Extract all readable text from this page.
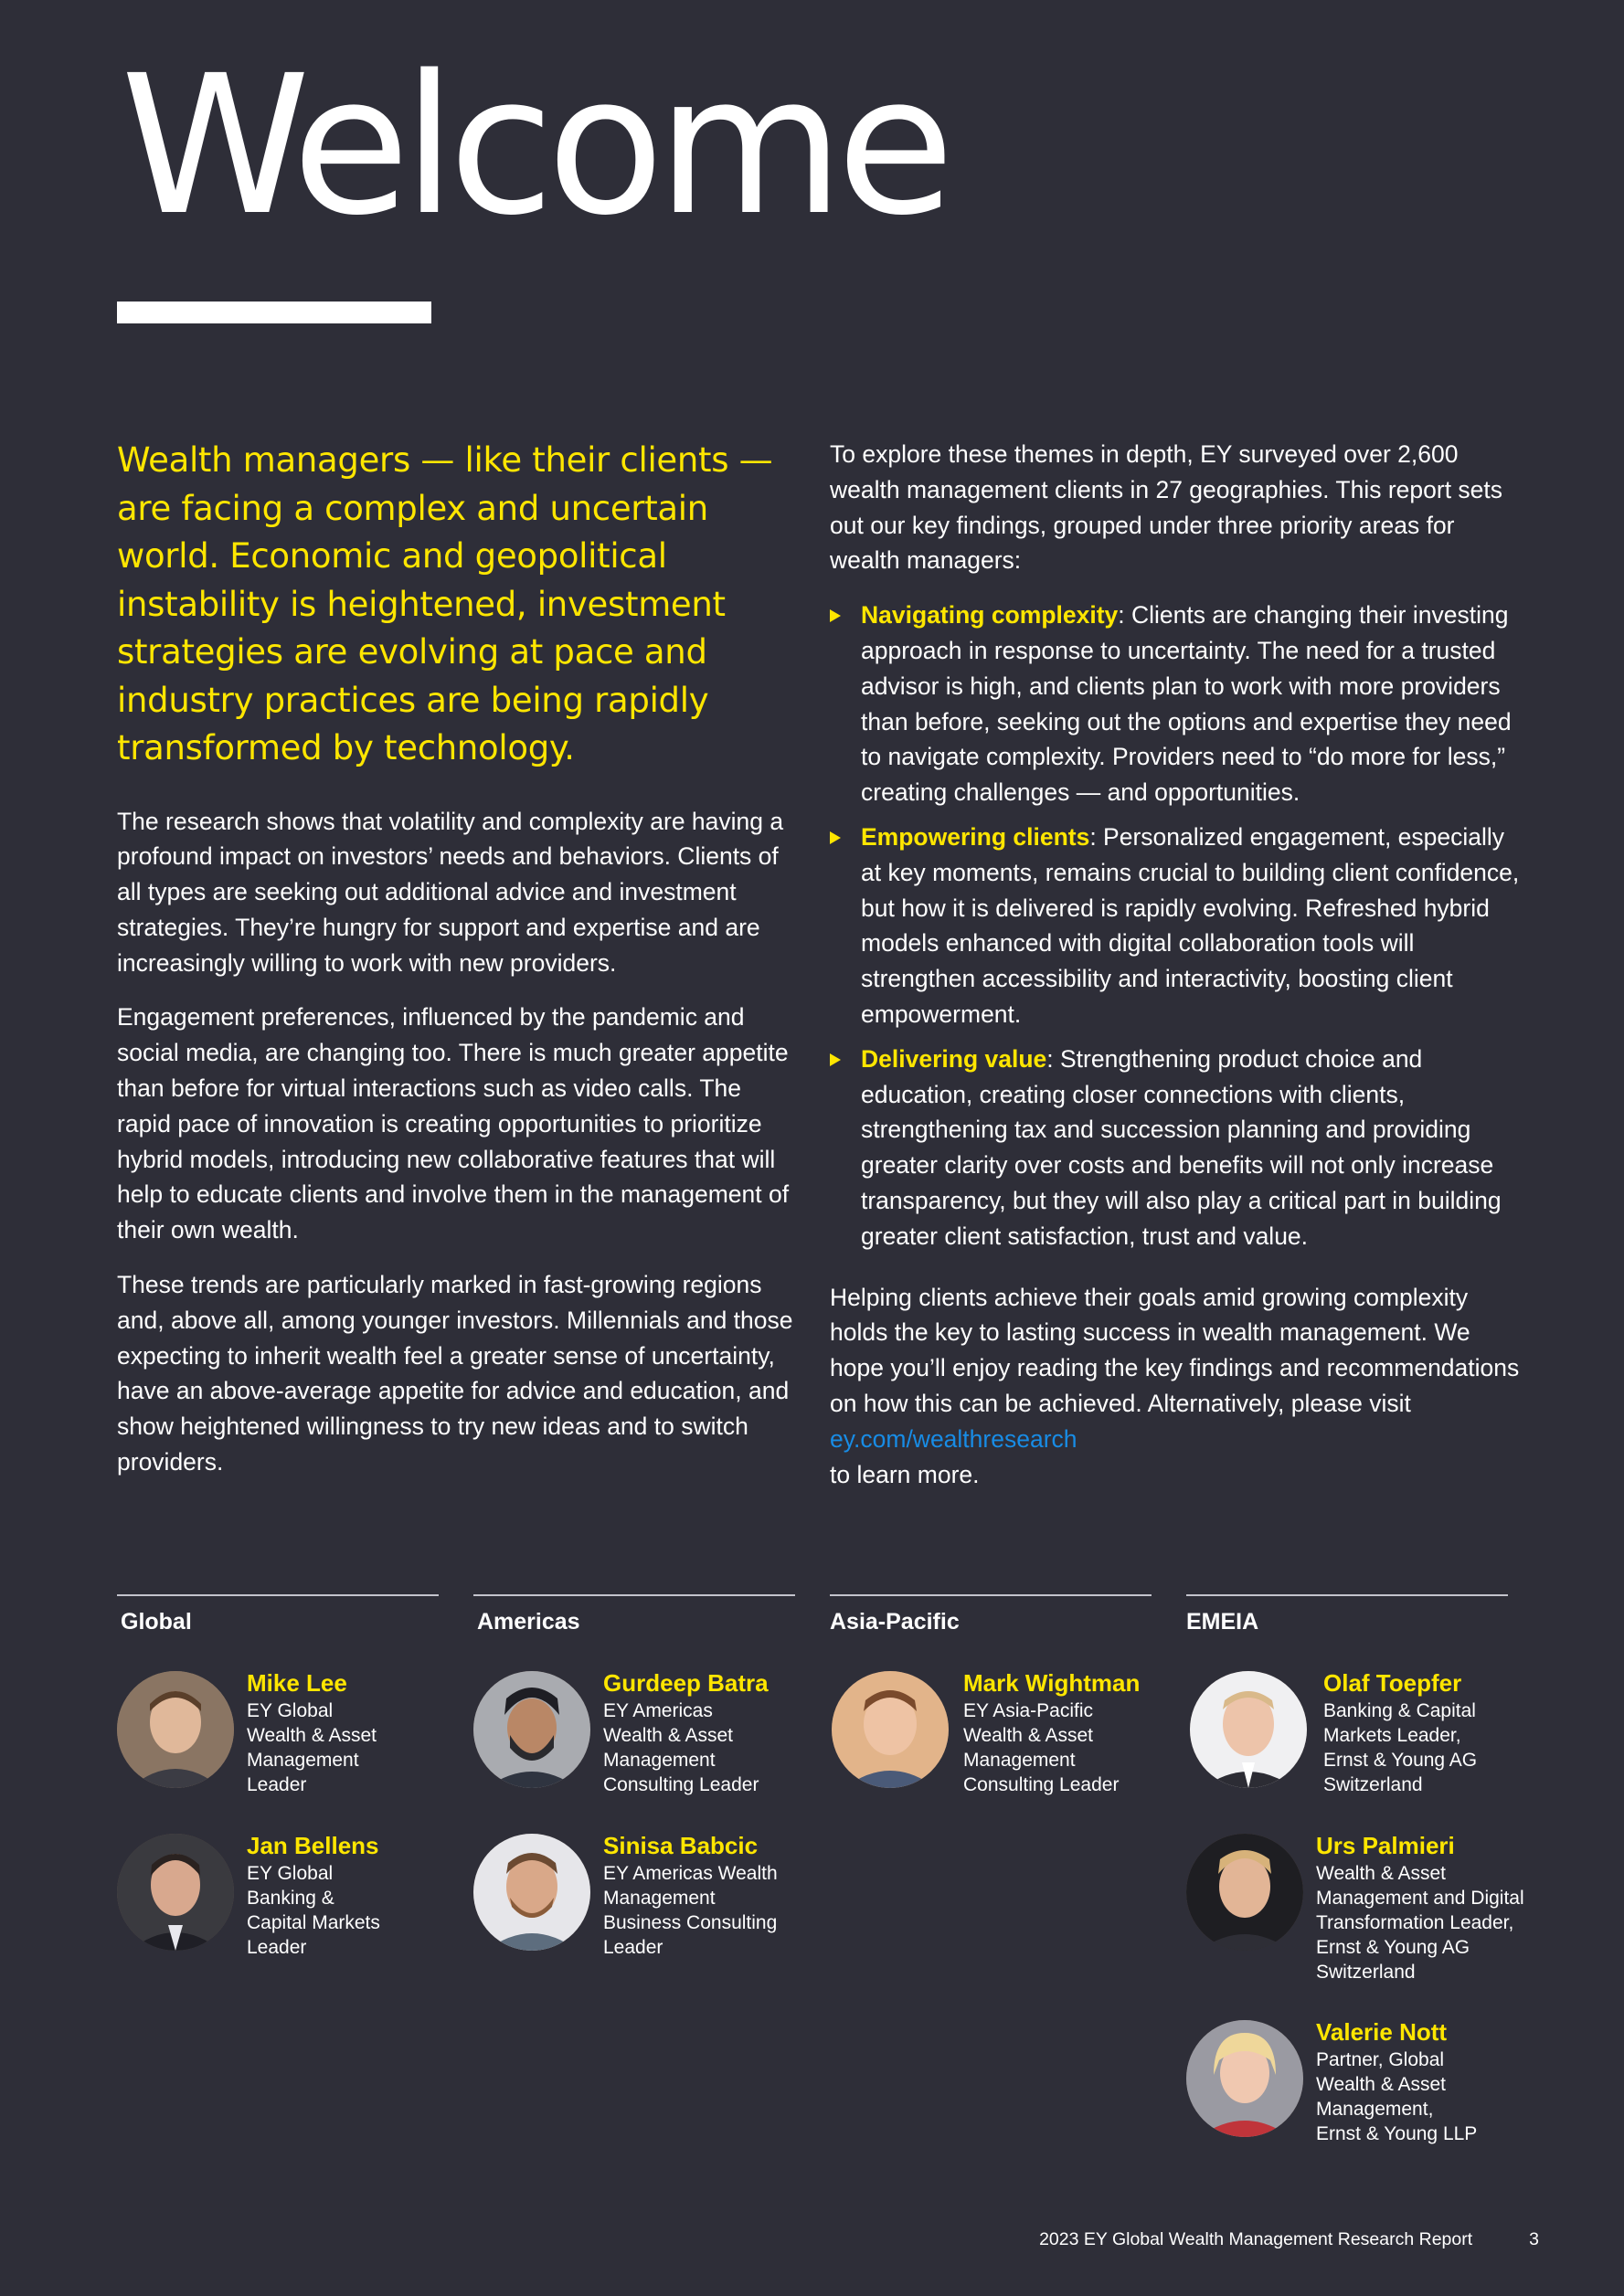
Welcome

Wealth managers — like their clients — are facing a complex and uncertain world. Economic and geopolitical instability is heightened, investment strategies are evolving at pace and industry practices are being rapidly transformed by technology.

The research shows that volatility and complexity are having a profound impact on investors’ needs and behaviors. Clients of all types are seeking out additional advice and investment strategies. They’re hungry for support and expertise and are increasingly willing to work with new providers.

Engagement preferences, influenced by the pandemic and social media, are changing too. There is much greater appetite than before for virtual interactions such as video calls. The rapid pace of innovation is creating opportunities to prioritize hybrid models, introducing new collaborative features that will help to educate clients and involve them in the management of their own wealth.

These trends are particularly marked in fast-growing regions and, above all, among younger investors. Millennials and those expecting to inherit wealth feel a greater sense of uncertainty, have an above-average appetite for advice and education, and show heightened willingness to try new ideas and to switch providers.

To explore these themes in depth, EY surveyed over 2,600 wealth management clients in 27 geographies. This report sets out our key findings, grouped under three priority areas for wealth managers:

Navigating complexity: Clients are changing their investing approach in response to uncertainty. The need for a trusted advisor is high, and clients plan to work with more providers than before, seeking out the options and expertise they need to navigate complexity. Providers need to “do more for less,” creating challenges — and opportunities.
Empowering clients: Personalized engagement, especially at key moments, remains crucial to building client confidence, but how it is delivered is rapidly evolving. Refreshed hybrid models enhanced with digital collaboration tools will strengthen accessibility and interactivity, boosting client empowerment.
Delivering value: Strengthening product choice and education, creating closer connections with clients, strengthening tax and succession planning and providing greater clarity over costs and benefits will not only increase transparency, but they will also play a critical part in building greater client satisfaction, trust and value.

Helping clients achieve their goals amid growing complexity holds the key to lasting success in wealth management. We hope you’ll enjoy reading the key findings and recommendations on how this can be achieved. Alternatively, please visit ey.com/wealthresearch
to learn more.

Global
Mike Lee
EY Global
Wealth & Asset
Management
Leader
Jan Bellens
EY Global
Banking &
Capital Markets
Leader
Americas
Gurdeep Batra
EY Americas
Wealth & Asset
Management
Consulting Leader
Sinisa Babcic
EY Americas Wealth
Management
Business Consulting
Leader
Asia-Pacific
Mark Wightman
EY Asia-Pacific
Wealth & Asset
Management
Consulting Leader
EMEIA
Olaf Toepfer
Banking & Capital
Markets Leader,
Ernst & Young AG
Switzerland
Urs Palmieri
Wealth & Asset
Management and Digital
Transformation Leader,
Ernst & Young AG
Switzerland
Valerie Nott
Partner, Global
Wealth & Asset
Management,
Ernst & Young LLP
2023 EY Global Wealth Management Research Report	3
